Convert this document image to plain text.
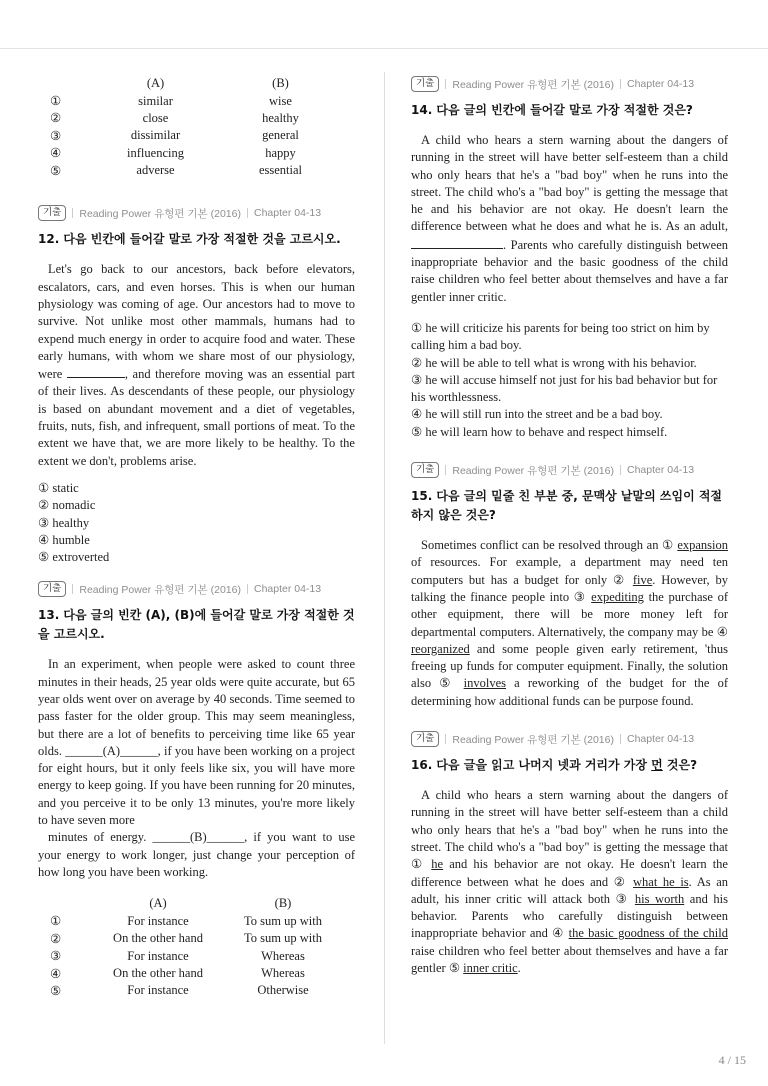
	(A)	(B)
①	similar	wise
②	close	healthy
③	dissimilar	general
④	influencing	happy
⑤	adverse	essential
기출	Reading Power 유형편 기본 (2016) Chapter 04-13
12. 다음 빈칸에 들어갈 말로 가장 적절한 것을 고르시오.

Let's go back to our ancestors, back before elevators, escalators, cars, and even horses. This is when our human physiology was coming of age. Our ancestors had to move to survive. Not unlike most other mammals, humans had to expend much energy in order to acquire food and water. These early humans, with whom we share most of our physiology, were	, and therefore moving was an essential part of their lives. As descendants of these people, our physiology is based on abundant movement and a diet of vegetables, fruits, nuts, fish, and infrequent, small portions of meat. To the extent we have that, we are more likely to be healthy. To the extent we don't, problems arise.

① static
② nomadic
③ healthy
④ humble
⑤ extroverted
기출	Reading Power 유형편 기본 (2016) Chapter 04-13
13. 다음 글의 빈칸 (A), (B)에 들어갈 말로 가장 적절한 것을 고르시오.

In an experiment, when people were asked to count three minutes in their heads, 25 year olds were quite accurate, but 65 year olds went over on average by 40 seconds. Time seemed to pass faster for the older group. This may seem meaningless, but there are a lot of benefits to perceiving time like 65 year olds. ______(A)______, if you have been working on a project for eight hours, but it only feels like six, you will have more energy to keep going. If you have been running for 20 minutes, and you perceive it to be only 13 minutes, you're more likely to have seven more

minutes of energy. ______(B)______, if you want to use your energy to work longer, just change your perception of how long you have been working.

	(A)	(B)
①	For instance	To sum up with
②	On the other hand	To sum up with
③	For instance	Whereas
④	On the other hand	Whereas
⑤	For instance	Otherwise
기출	Reading Power 유형편 기본 (2016) Chapter 04-13
14. 다음 글의 빈칸에 들어갈 말로 가장 적절한 것은?

A child who hears a stern warning about the dangers of running in the street will have better self-esteem than a child who only hears that he's a "bad boy" when he runs into the street. The child who's a "bad boy" is getting the message that he and his behavior are not okay. He doesn't learn the difference between what he does and what he is. As an adult, . Parents who carefully distinguish between inappropriate behavior and the basic goodness of the child raise children who feel better about themselves and have a far gentler inner critic.

① he will criticize his parents for being too strict on him by calling him a bad boy.
② he will be able to tell what is wrong with his behavior.
③ he will accuse himself not just for his bad behavior but for his worthlessness.
④ he will still run into the street and be a bad boy.
⑤ he will learn how to behave and respect himself.
기출	Reading Power 유형편 기본 (2016) Chapter 04-13
15. 다음 글의 밑줄 친 부분 중, 문맥상 낱말의 쓰임이 적절하지 않은 것은?

Sometimes conflict can be resolved through an ① expansion of resources. For example, a department may need ten computers but has a budget for only ② five. However, by talking the finance people into ③ expediting the purchase of other equipment, there will be more money left for departmental computers. Alternatively, the company may be ④ reorganized and some people given early retirement, 'thus freeing up funds for computer equipment. Finally, the solution also ⑤ involves a reworking of the budget for the of determining how additional funds can be purpose found.

기출	Reading Power 유형편 기본 (2016) Chapter 04-13
16. 다음 글을 읽고 나머지 넷과 거리가 가장 먼 것은?

A child who hears a stern warning about the dangers of running in the street will have better self-esteem than a child who only hears that he's a "bad boy" when he runs into the street. The child who's a "bad boy" is getting the message that ① he and his behavior are not okay. He doesn't learn the difference between what he does and ② what he is. As an adult, his inner critic will attack both ③ his worth and his behavior. Parents who carefully distinguish between inappropriate behavior and ④ the basic goodness of the child raise children who feel better about themselves and have a far gentler ⑤ inner critic.

4 / 15
